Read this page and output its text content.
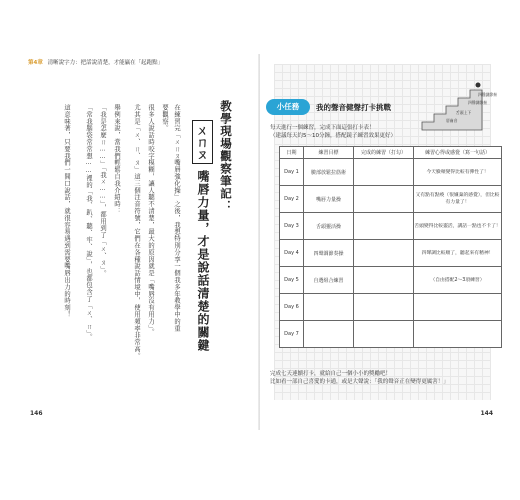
第4章 清晰說字力：把話說清楚，才能贏在「起跑點」
教學現場觀察筆記：
ㄨㄇㄡ
嘴唇力量，才是說話清楚的關鍵
在練習完「ㄨㄇㄡ嘴唇強化操」之後，我想特別分享一個我多年教學中的重
要觀察。
很多人說話時咬字模糊，讓人聽不清楚，最大的原因就是「嘴唇沒有用力」。
尤其是「ㄨ、ㄇ、ㄡ」這三個注音符號，它們在各種說話情境中，使用頻率非常高。
舉例來說，當我們輕鬆自我介紹時：
「我是怎麼ㄇ……」「我ㄨ……」，都用到了「ㄨ、ㄡ」。
「常我腦袋常常想……裡的「我、趴、聽、牢、說」，也都包含了「ㄨ、ㄇ」。
這意味著，只要我們一開口說話，就很容易遇到需要嘴唇出力的時刻！
146	144
小任務	我的聲音健聲打卡挑戰
四聲調節奏
四聲調節奏
舌頭上下
唇齒音
每天進行一個練習，完成下面這張打卡表！
（建議每天約5～10分鐘，搭配鏡子練習效果更好）
日期	練習目標	完成的練習（打勾）	練習心得或感覺（寫一句話）
Day 1	臉部放鬆拉筋術		今天臉頰變得比較有彈性了！
Day 2	嘴唇力量操		又有點有點痠（很嫌棄的感覺），但比較有力量了！
Day 3	舌頭靈活操		舌頭變得比較靈活，講話一點也不卡了！
Day 4	四聲調節奏操		四聲調比較順了，聽起來有精神！
Day 5	自選組合練習		（自由搭配2～3項練習）
Day 6			
Day 7			
完成七天連續打卡，就給自己一個小小的獎勵吧！
比如看一部自己喜愛的卡通，或是大聲說：「我的聲音正在變得更厲害！」
